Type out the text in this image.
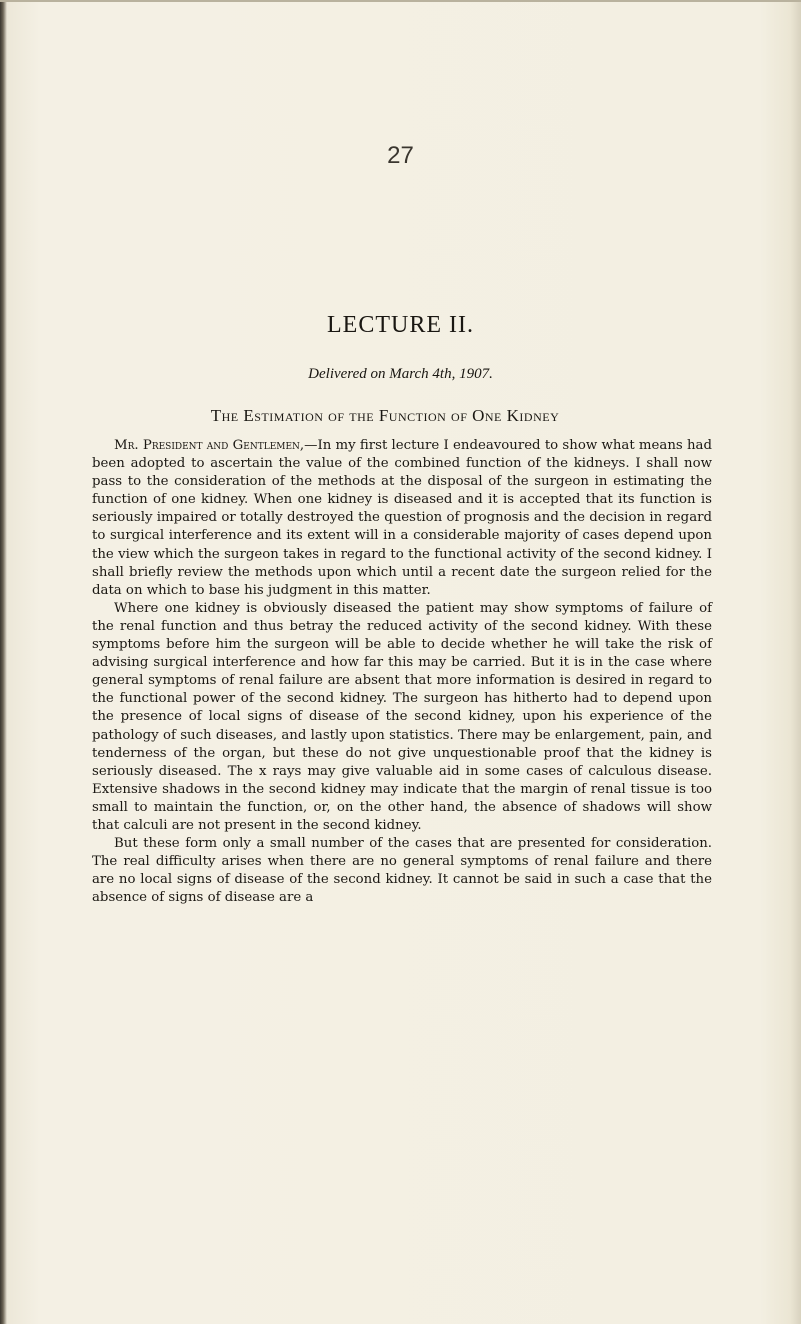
27
LECTURE II.
Delivered on March 4th, 1907.
The Estimation of the Function of One Kidney

Mr. President and Gentlemen,—In my first lecture I endeavoured to show what means had been adopted to ascertain the value of the combined function of the kidneys. I shall now pass to the consideration of the methods at the disposal of the surgeon in estimating the function of one kidney. When one kidney is diseased and it is accepted that its function is seriously impaired or totally destroyed the question of prognosis and the decision in regard to surgical interference and its extent will in a considerable majority of cases depend upon the view which the surgeon takes in regard to the functional activity of the second kidney. I shall briefly review the methods upon which until a recent date the surgeon relied for the data on which to base his judgment in this matter.

Where one kidney is obviously diseased the patient may show symptoms of failure of the renal function and thus betray the reduced activity of the second kidney. With these symptoms before him the surgeon will be able to decide whether he will take the risk of advising surgical interference and how far this may be carried. But it is in the case where general symptoms of renal failure are absent that more information is desired in regard to the functional power of the second kidney. The surgeon has hitherto had to depend upon the presence of local signs of disease of the second kidney, upon his experience of the pathology of such diseases, and lastly upon statistics. There may be enlargement, pain, and tenderness of the organ, but these do not give unquestionable proof that the kidney is seriously diseased. The x rays may give valuable aid in some cases of calculous disease. Extensive shadows in the second kidney may indicate that the margin of renal tissue is too small to maintain the function, or, on the other hand, the absence of shadows will show that calculi are not present in the second kidney.

But these form only a small number of the cases that are presented for consideration. The real difficulty arises when there are no general symptoms of renal failure and there are no local signs of disease of the second kidney. It cannot be said in such a case that the absence of signs of disease are a
